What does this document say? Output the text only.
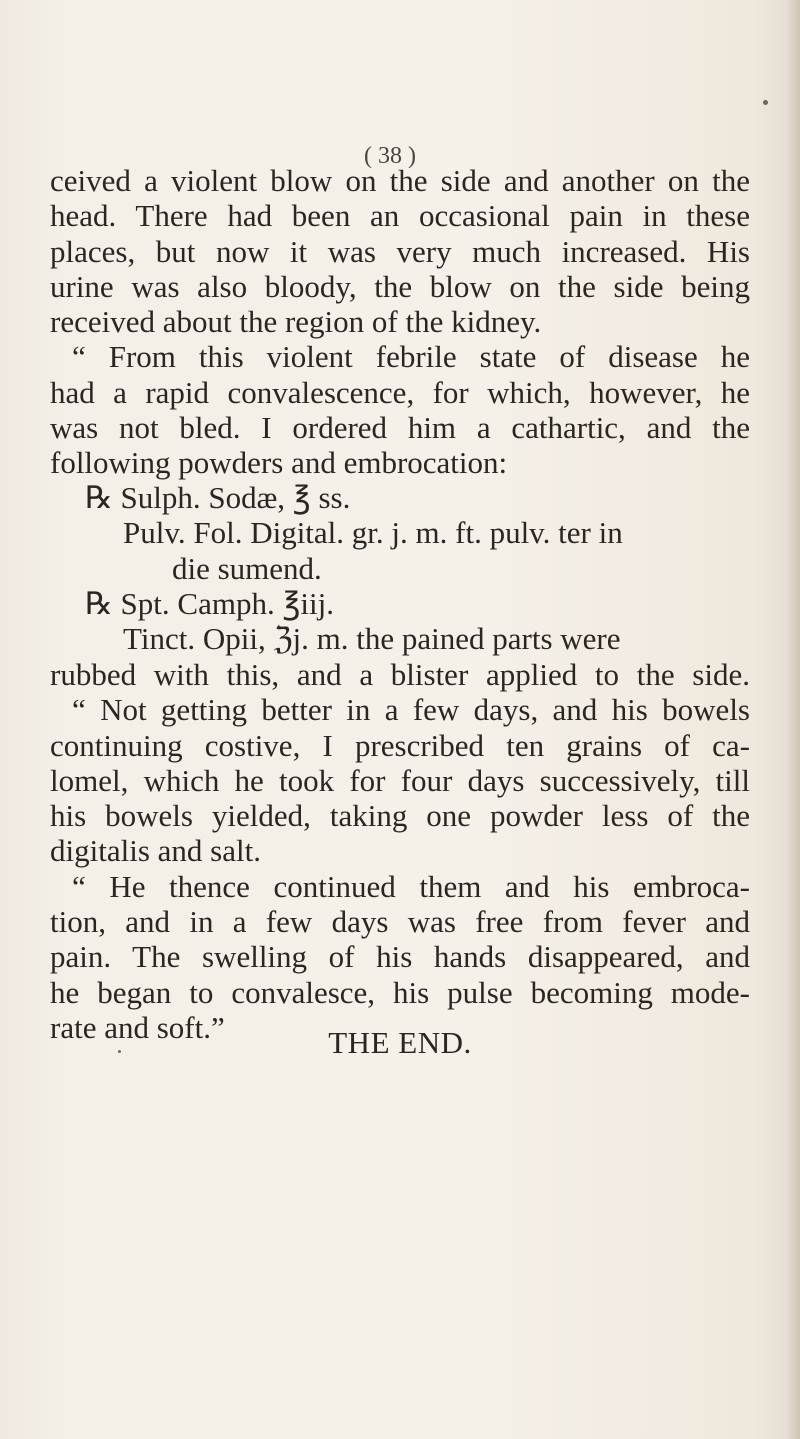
( 38 )
ceived a violent blow on the side and another on the
head. There had been an occasional pain in these
places, but now it was very much increased. His
urine was also bloody, the blow on the side being
received about the region of the kidney.
“ From this violent febrile state of disease he
had a rapid convalescence, for which, however, he
was not bled. I ordered him a cathartic, and the
following powders and embrocation:
℞ Sulph. Sodæ, ℥ ss.
Pulv. Fol. Digital. gr. j. m. ft. pulv. ter in
die sumend.
℞ Spt. Camph. ℥iij.
Tinct. Opii, ℨj. m. the pained parts were
rubbed with this, and a blister applied to the side.
“ Not getting better in a few days, and his bowels
continuing costive, I prescribed ten grains of ca-
lomel, which he took for four days successively, till
his bowels yielded, taking one powder less of the
digitalis and salt.
“ He thence continued them and his embroca-
tion, and in a few days was free from fever and
pain. The swelling of his hands disappeared, and
he began to convalesce, his pulse becoming mode-
rate and soft.”	THE END.
